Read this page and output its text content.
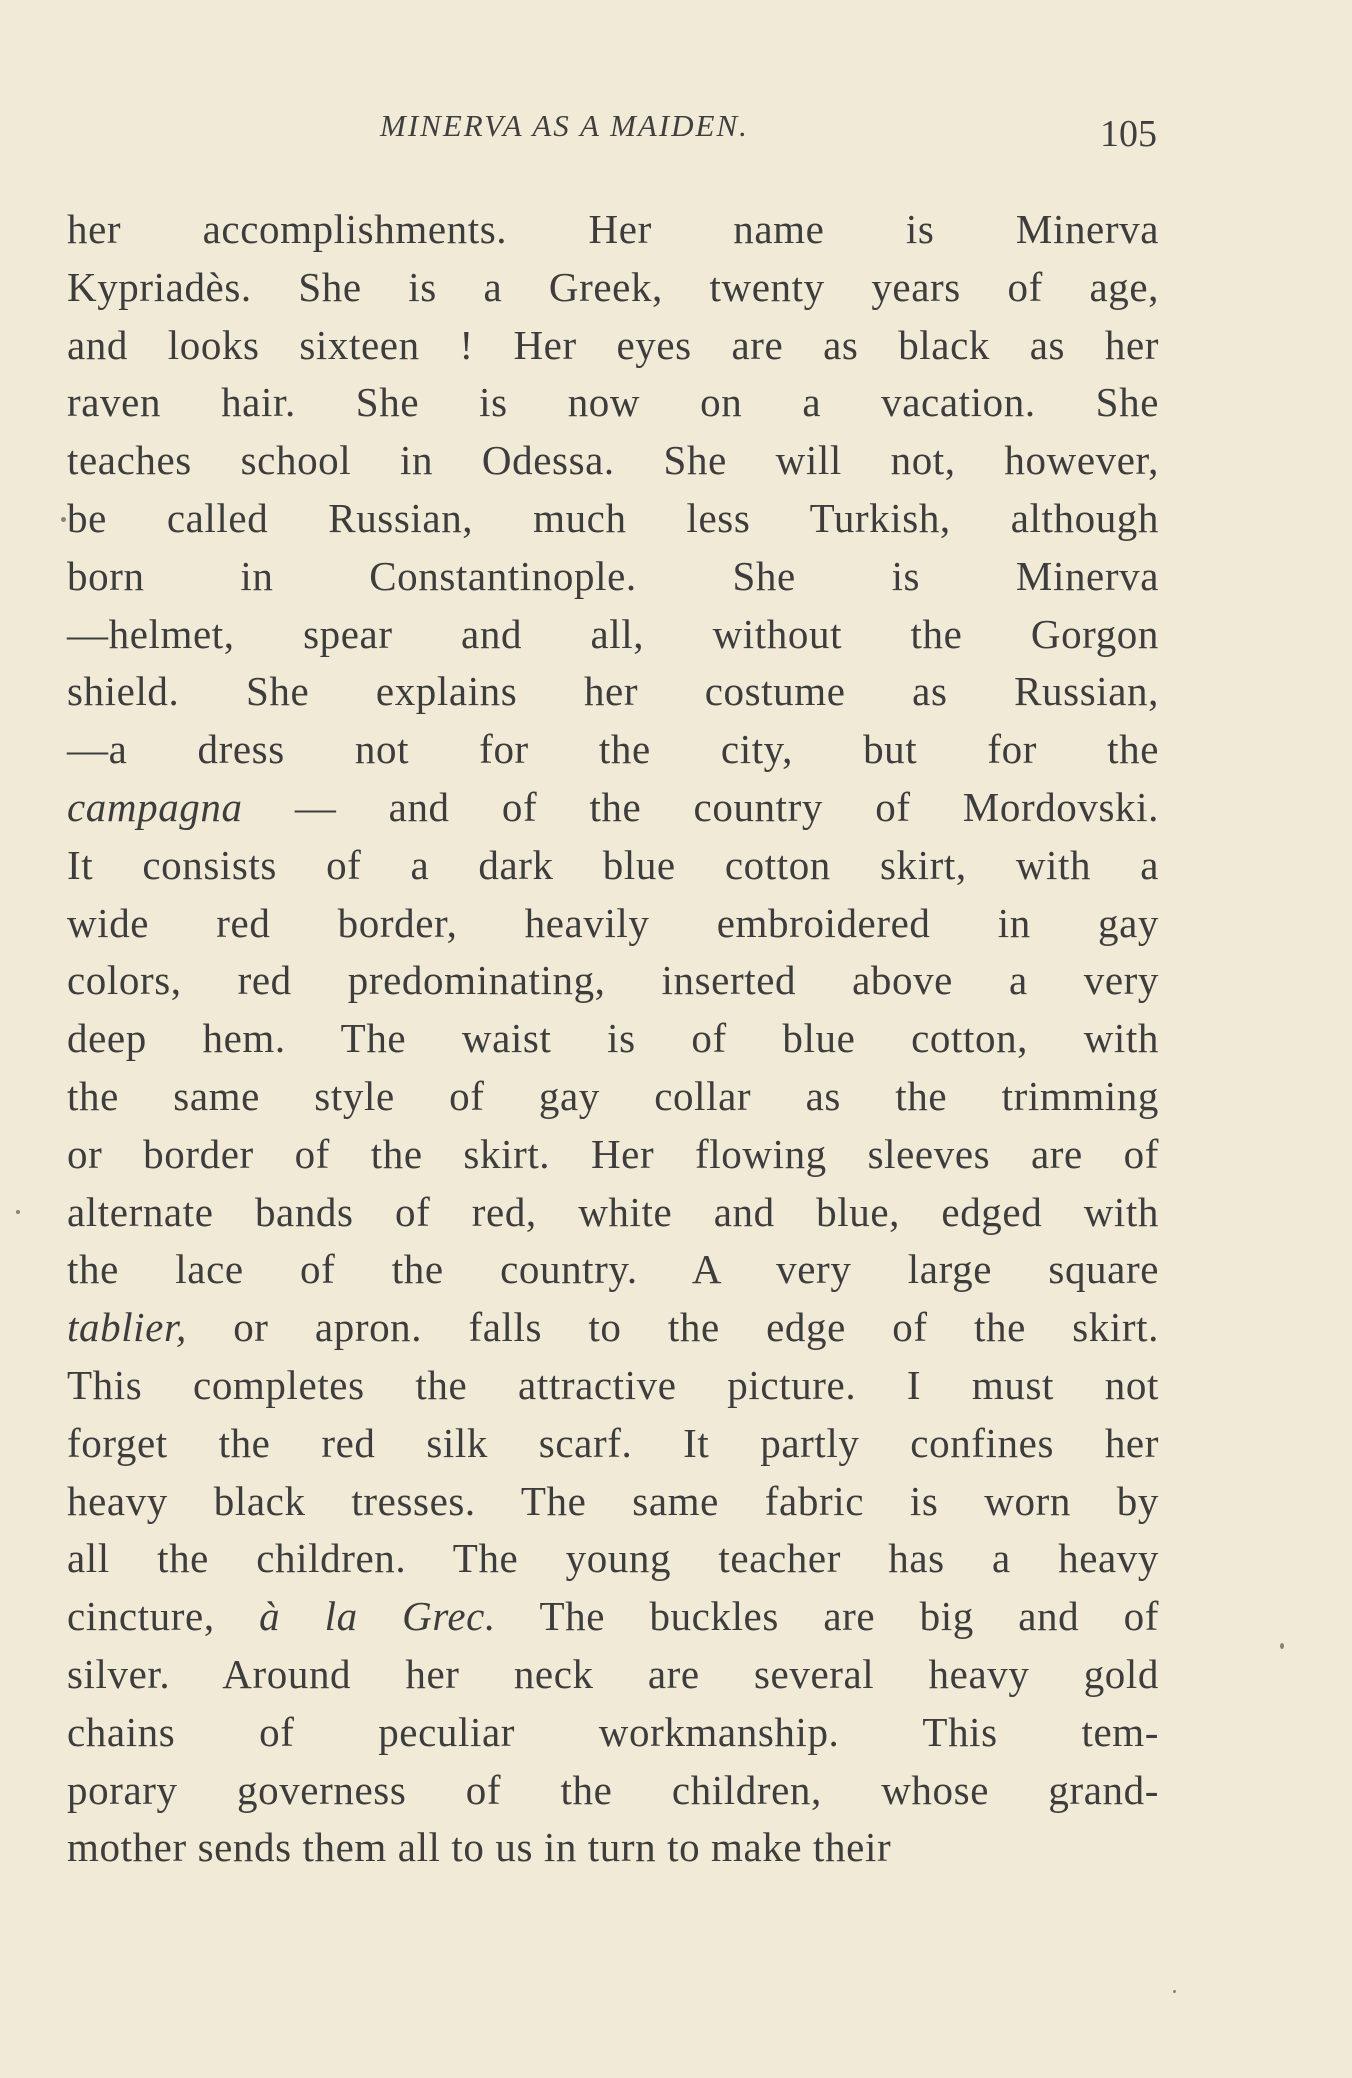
MINERVA AS A MAIDEN.	105
her accomplishments. Her name is Minerva
Kypriadès. She is a Greek, twenty years of age,
and looks sixteen ! Her eyes are as black as her
raven hair. She is now on a vacation. She
teaches school in Odessa. She will not, however,
be called Russian, much less Turkish, although
born in Constantinople. She is Minerva
—helmet, spear and all, without the Gorgon
shield. She explains her costume as Russian,
—a dress not for the city, but for the
campagna — and of the country of Mordovski.
It consists of a dark blue cotton skirt, with a
wide red border, heavily embroidered in gay
colors, red predominating, inserted above a very
deep hem. The waist is of blue cotton, with
the same style of gay collar as the trimming
or border of the skirt. Her flowing sleeves are of
alternate bands of red, white and blue, edged with
the lace of the country. A very large square
tablier, or apron. falls to the edge of the skirt.
This completes the attractive picture. I must not
forget the red silk scarf. It partly confines her
heavy black tresses. The same fabric is worn by
all the children. The young teacher has a heavy
cincture, à la Grec. The buckles are big and of
silver. Around her neck are several heavy gold
chains of peculiar workmanship. This tem-
porary governess of the children, whose grand-
mother sends them all to us in turn to make their
